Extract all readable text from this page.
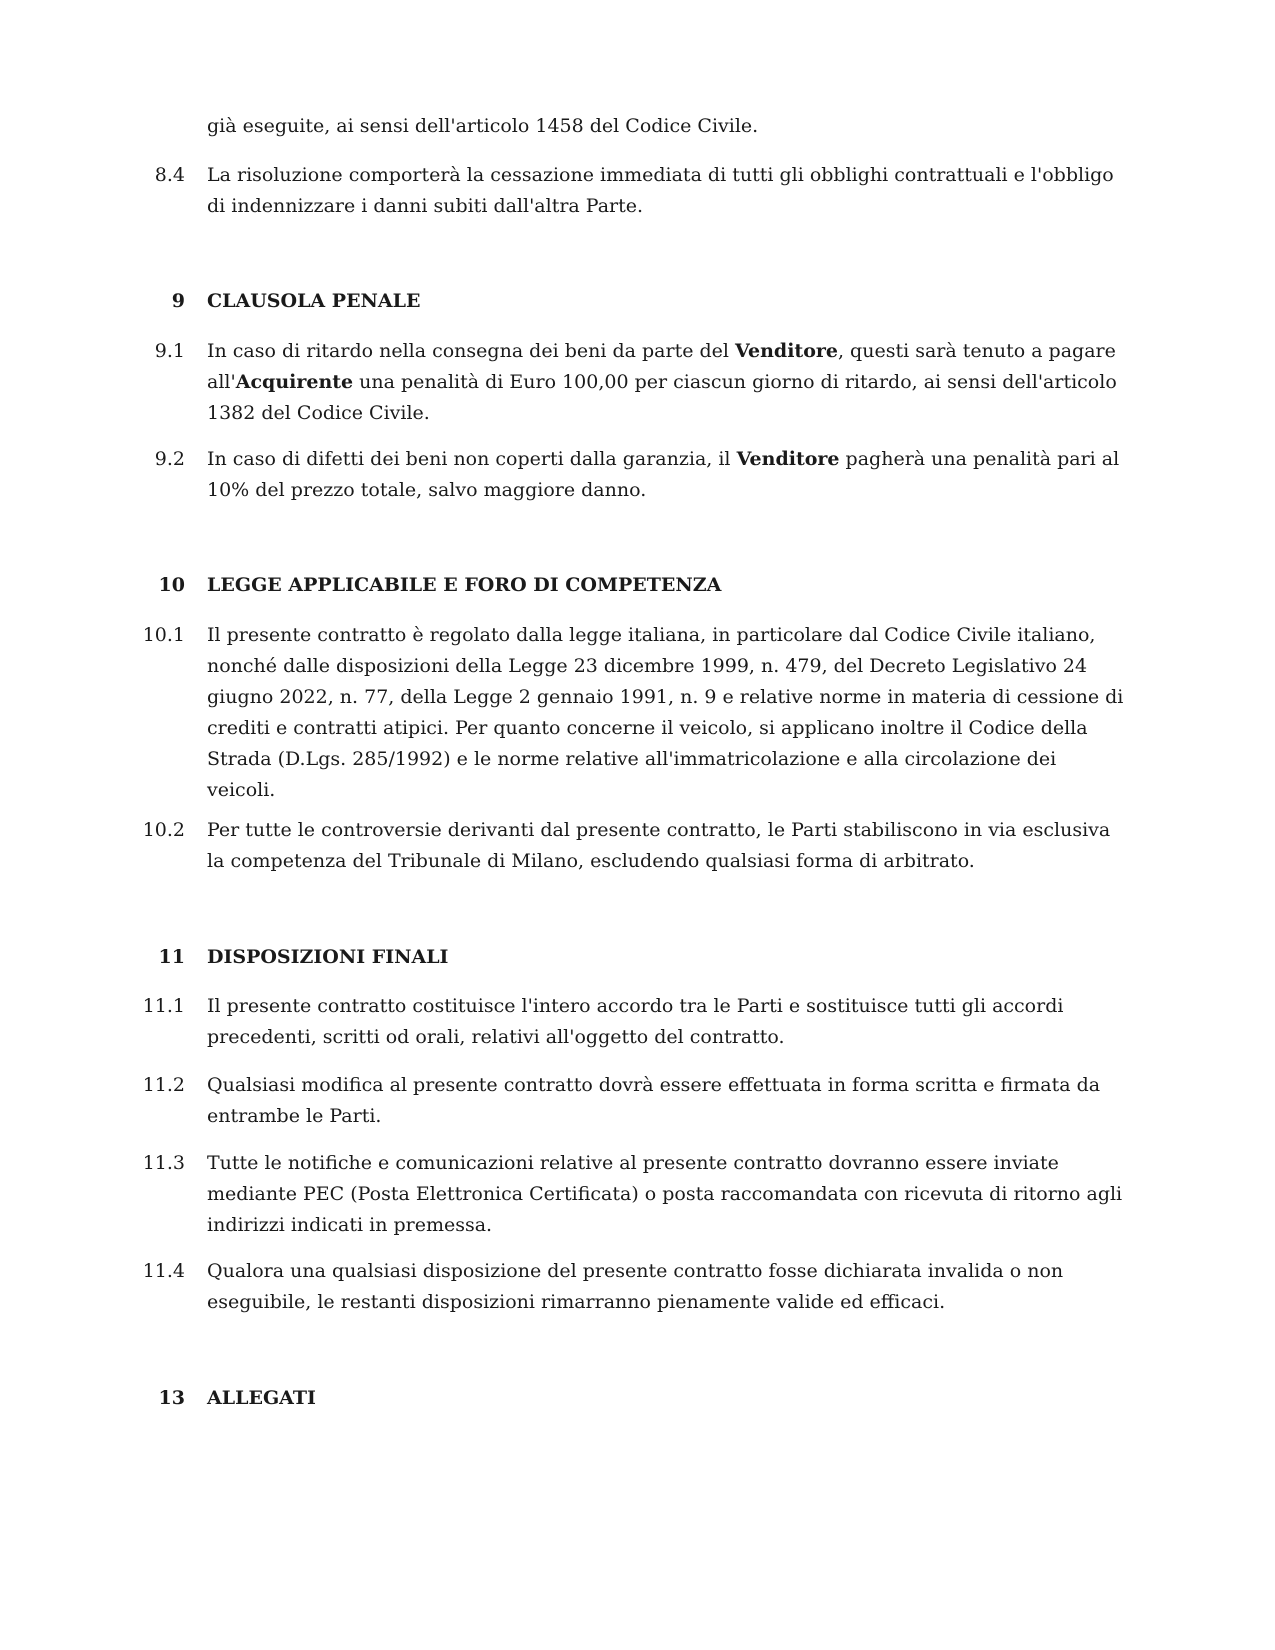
già eseguite, ai sensi dell'articolo 1458 del Codice Civile.
8.4 La risoluzione comporterà la cessazione immediata di tutti gli obblighi contrattuali e l'obbligo
di indennizzare i danni subiti dall'altra Parte.
9 CLAUSOLA PENALE
9.1 In caso di ritardo nella consegna dei beni da parte del Venditore, questi sarà tenuto a pagare
all'Acquirente una penalità di Euro 100,00 per ciascun giorno di ritardo, ai sensi dell'articolo
1382 del Codice Civile.
9.2 In caso di difetti dei beni non coperti dalla garanzia, il Venditore pagherà una penalità pari al
10% del prezzo totale, salvo maggiore danno.
10 LEGGE APPLICABILE E FORO DI COMPETENZA
10.1 Il presente contratto è regolato dalla legge italiana, in particolare dal Codice Civile italiano,
nonché dalle disposizioni della Legge 23 dicembre 1999, n. 479, del Decreto Legislativo 24
giugno 2022, n. 77, della Legge 2 gennaio 1991, n. 9 e relative norme in materia di cessione di
crediti e contratti atipici. Per quanto concerne il veicolo, si applicano inoltre il Codice della
Strada (D.Lgs. 285/1992) e le norme relative all'immatricolazione e alla circolazione dei
veicoli.
10.2 Per tutte le controversie derivanti dal presente contratto, le Parti stabiliscono in via esclusiva
la competenza del Tribunale di Milano, escludendo qualsiasi forma di arbitrato.
11 DISPOSIZIONI FINALI
11.1 Il presente contratto costituisce l'intero accordo tra le Parti e sostituisce tutti gli accordi
precedenti, scritti od orali, relativi all'oggetto del contratto.
11.2 Qualsiasi modifica al presente contratto dovrà essere effettuata in forma scritta e firmata da
entrambe le Parti.
11.3 Tutte le notifiche e comunicazioni relative al presente contratto dovranno essere inviate
mediante PEC (Posta Elettronica Certificata) o posta raccomandata con ricevuta di ritorno agli
indirizzi indicati in premessa.
11.4 Qualora una qualsiasi disposizione del presente contratto fosse dichiarata invalida o non
eseguibile, le restanti disposizioni rimarranno pienamente valide ed efficaci.
13 ALLEGATI
